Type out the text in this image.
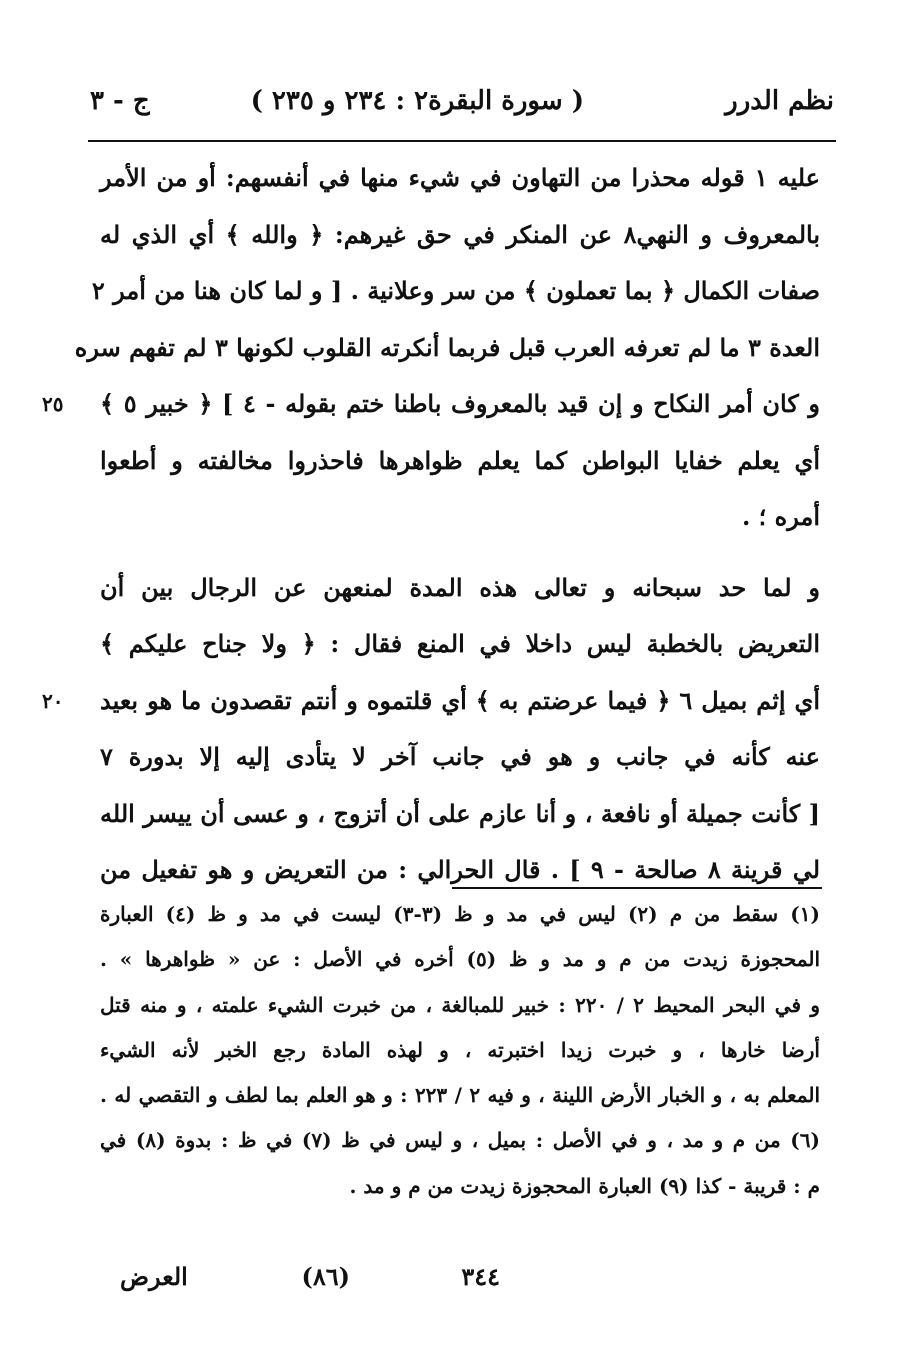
نظم الدرر
( سورة البقرة٢ : ٢٣٤ و ٢٣٥ )
ج - ٣
عليه ١ قوله محذرا من التهاون في شيء منها في أنفسهم: أو من الأمر
بالمعروف و النهي٨ عن المنكر في حق غيرهم: ﴿ والله ﴾ أي الذي له
صفات الكمال ﴿ بما تعملون ﴾ من سر وعلانية . [ و لما كان هنا من أمر ٢
العدة ٣ ما لم تعرفه العرب قبل فربما أنكرته القلوب لكونها ٣ لم تفهم سره
و كان أمر النكاح و إن قيد بالمعروف باطنا ختم بقوله - ٤ ] ﴿ خبير ٥ ﴾
٢٥
أي يعلم خفايا البواطن كما يعلم ظواهرها فاحذروا مخالفته و أطعوا
أمره ؛ .
و لما حد سبحانه و تعالى هذه المدة لمنعهن عن الرجال بين أن
التعريض بالخطبة ليس داخلا في المنع فقال : ﴿ ولا جناح عليكم ﴾
أي إثم بميل ٦ ﴿ فيما عرضتم به ﴾ أي قلتموه و أنتم تقصدون ما هو بعيد
٢٠
عنه كأنه في جانب و هو في جانب آخر لا يتأدى إليه إلا بدورة ٧
[ كأنت جميلة أو نافعة ، و أنا عازم على أن أتزوج ، و عسى أن ييسر الله
لي قرينة ٨ صالحة - ٩ ] . قال الحرالي : من التعريض و هو تفعيل من
(١) سقط من م (٢) ليس في مد و ظ (٣-٣) ليست في مد و ظ (٤) العبارة
المحجوزة زيدت من م و مد و ظ (٥) أخره في الأصل : عن « ظواهرها » .
و في البحر المحيط ٢ / ٢٢٠ : خبير للمبالغة ، من خبرت الشيء علمته ، و منه قتل
أرضا خارها ، و خبرت زيدا اختبرته ، و لهذه المادة رجع الخبر لأنه الشيء
المعلم به ، و الخبار الأرض اللينة ، و فيه ٢ / ٢٢٣ : و هو العلم بما لطف و التقصي له .
(٦) من م و مد ، و في الأصل : بميل ، و ليس في ظ (٧) في ظ : بدوة (٨) في
م : قريبة - كذا (٩) العبارة المحجوزة زيدت من م و مد .
٣٤٤
(٨٦)
العرض
